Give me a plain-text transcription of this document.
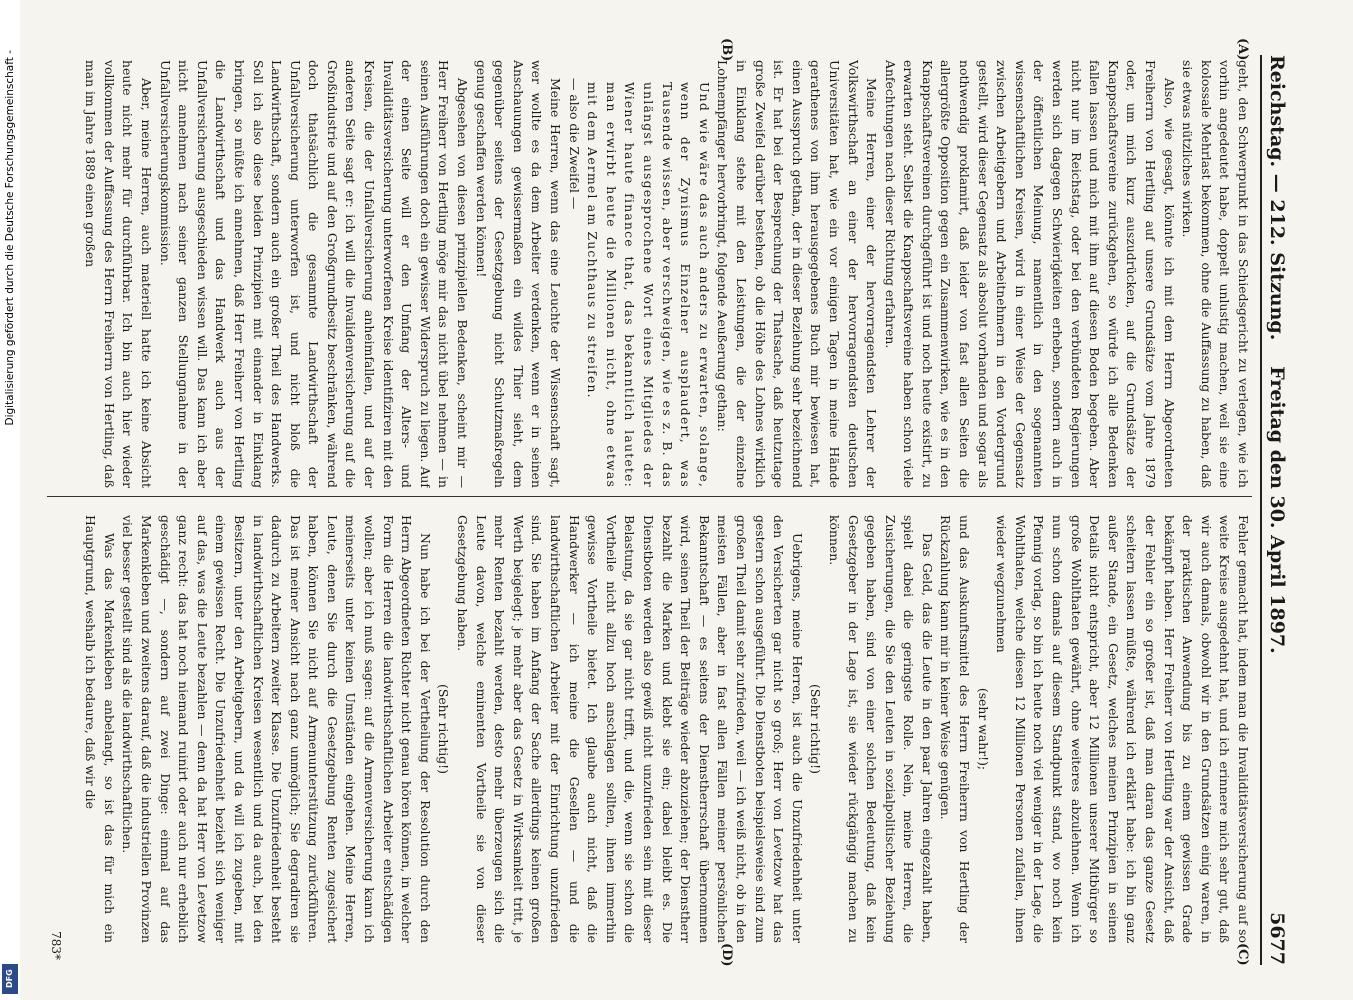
Reichstag. — 212. Sitzung.
Freitag den 30. April 1897.
5677
(A)
(B)
(C)
(D)

geht, den Schwerpunkt in das Schiedsgericht zu verlegen, wie ich vorhin angedeutet habe, doppelt unlustig machen, weil sie eine kolossale Mehrlast bekommen, ohne die Auffassung zu haben, daß sie etwas nützliches wirken.

Also, wie gesagt, könnte ich mit dem Herrn Abgeordneten Freiherrn von Hertling auf unsere Grundsätze vom Jahre 1879 oder, um mich kurz auszudrücken, auf die Grundsätze der Knappschaftsvereine zurückgehen, so würde ich alle Bedenken fallen lassen und mich mit ihm auf diesen Boden begeben. Aber nicht nur im Reichstag, oder bei den verbündeten Regierungen werden sich dagegen Schwierigkeiten erheben, sondern auch in der öffentlichen Meinung, namentlich in den sogenannten wissenschaftlichen Kreisen, wird in einer Weise der Gegensatz zwischen Arbeitgebern und Arbeitnehmern in den Vordergrund gestellt, wird dieser Gegensatz als absolut vorhanden und sogar als nothwendig proklamirt, daß leider von fast allen Seiten die allergrößte Opposition gegen ein Zusammenwirken, wie es in den Knappschaftsvereinen durchgeführt ist und noch heute existirt, zu erwarten steht. Selbst die Knappschaftsvereine haben schon viele Anfechtungen nach dieser Richtung erfahren.

Meine Herren, einer der hervorragendsten Lehrer der Volkswirthschaft an einer der hervorragendsten deutschen Universitäten hat, wie ein vor einigen Tagen in meine Hände gerathenes von ihm herausgegebenes Buch mir bewiesen hat, einen Ausspruch gethan, der in dieser Beziehung sehr bezeichnend ist. Er hat bei der Besprechung der Thatsache, daß heutzutage große Zweifel darüber bestehen, ob die Höhe des Lohnes wirklich in Einklang stehe mit den Leistungen, die der einzelne Lohnempfänger hervorbringt, folgende Aeußerung gethan:

Und wie wäre das auch anders zu erwarten, solange, wenn der Zynismus Einzelner ausplaudert, was Tausende wissen, aber verschweigen, wie es z. B. das unlängst ausgesprochene Wort eines Mitgliedes der Wiener haute finance that, das bekanntlich lautete: man erwirbt heute die Millionen nicht, ohne etwas mit dem Aermel am Zuchthaus zu streifen.

— also die Zweifel —

Meine Herren, wenn das eine Leuchte der Wissenschaft sagt, wer wollte es da dem Arbeiter verdenken, wenn er in seinen Anschauungen gewissermaßen ein wildes Thier sieht, dem gegenüber seitens der Gesetzgebung nicht Schutzmaßregeln genug geschaffen werden können!

Abgesehen von diesen prinzipiellen Bedenken, scheint mir — Herr Freiherr von Hertling möge mir das nicht übel nehmen — in seinen Ausführungen doch ein gewisser Widerspruch zu liegen. Auf der einen Seite will er den Umfang der Alters- und Invaliditätsversicherung unterworfenen Kreise identifiziren mit den Kreisen, die der Unfallversicherung anheimfallen, und auf der anderen Seite sagt er: ich will die Invalidenversicherung auf die Großindustrie und auf den Großgrundbesitz beschränken, während doch thatsächlich die gesammte Landwirthschaft der Unfallversicherung unterworfen ist, und nicht bloß die Landwirthschaft, sondern auch ein großer Theil des Handwerks. Soll ich also diese beiden Prinzipien mit einander in Einklang bringen, so müßte ich annehmen, daß Herr Freiherr von Hertling die Landwirthschaft und das Handwerk auch aus der Unfallversicherung ausgeschieden wissen will. Das kann ich aber nicht annehmen nach seiner ganzen Stellungnahme in der Unfallversicherungskommission.

Aber, meine Herren, auch materiell hatte ich keine Absicht heute nicht mehr für durchführbar. Ich bin auch hier wieder vollkommen der Auffassung des Herrn Freiherrn von Hertling, daß man im Jahre 1889 einen großen

Fehler gemacht hat, indem man die Invaliditätsversicherung auf so weite Kreise ausgedehnt hat, und ich erinnere mich sehr gut, daß wir auch damals, obwohl wir in den Grundsätzen einig waren, in der praktischen Anwendung bis zu einem gewissen Grade bekämpft haben. Herr Freiherr von Hertling war der Ansicht, daß der Fehler ein so großer ist, daß man daran das ganze Gesetz scheitern lassen müßte, während ich erklärt habe: ich bin ganz außer Stande, ein Gesetz, welches meinen Prinzipien in seinen Details nicht entspricht, aber 12 Millionen unserer Mitbürger so große Wohlthaten gewährt, ohne weiteres abzulehnen. Wenn ich nun schon damals auf diesem Standpunkt stand, wo noch kein Pfennig vorlag, so bin ich heute noch viel weniger in der Lage, die Wohlthaten, welche diesen 12 Millionen Personen zufallen, ihnen wieder wegzunehmen

(sehr wahr!);

und das Auskunftsmittel des Herrn Freiherrn von Hertling der Rückzahlung kann mir in keiner Weise genügen.

Das Geld, das die Leute in den paar Jahren eingezahlt haben, spielt dabei die geringste Rolle. Nein, meine Herren, die Zusicherungen, die Sie den Leuten in sozialpolitischer Beziehung gegeben haben, sind von einer solchen Bedeutung, daß kein Gesetzgeber in der Lage ist, sie wieder rückgängig machen zu können.

(Sehr richtig!)

Uebrigens, meine Herren, ist auch die Unzufriedenheit unter den Versicherten gar nicht so groß; Herr von Levetzow hat das gestern schon ausgeführt. Die Dienstboten beispielsweise sind zum großen Theil damit sehr zufrieden, weil — ich weiß nicht, ob in den meisten Fällen, aber in fast allen Fällen meiner persönlichen Bekanntschaft — es seitens der Dienstherrschaft übernommen wird, seinen Theil der Beiträge wieder abzuziehen; der Dienstherr bezahlt die Marken und klebt sie ein; dabei bleibt es. Die Dienstboten werden also gewiß nicht unzufrieden sein mit dieser Belastung, da sie gar nicht trifft, und die, wenn sie schon die Vortheile nicht allzu hoch anschlagen sollten, ihnen immerhin gewisse Vortheile bietet. Ich glaube auch nicht, daß die Handwerker — ich meine die Gesellen — und die landwirthschaftlichen Arbeiter mit der Einrichtung unzufrieden sind. Sie haben im Anfang der Sache allerdings keinen großen Werth beigelegt; je mehr aber das Gesetz in Wirksamkeit tritt, je mehr Renten bezahlt werden, desto mehr überzeugen sich die Leute davon, welche eminenten Vortheile sie von dieser Gesetzgebung haben.

(Sehr richtig!)

Nun habe ich bei der Vertheilung der Resolution durch den Herrn Abgeordneten Richter nicht genau hören können, in welcher Form die Herren die landwirthschaftlichen Arbeiter entschädigen wollen; aber ich muß sagen: auf die Armenversicherung kann ich meinerseits unter keinen Umständen eingehen. Meine Herren, Leute, denen Sie durch die Gesetzgebung Renten zugesichert haben, können Sie nicht auf Armenunterstützung zurückführen. Das ist meiner Ansicht nach ganz unmöglich; Sie degradiren sie dadurch zu Arbeitern zweiter Klasse. Die Unzufriedenheit besteht in landwirthschaftlichen Kreisen wesentlich und da auch, bei den Besitzern, unter den Arbeitgebern, und da will ich zugeben, mit einem gewissen Recht. Die Unzufriedenheit bezieht sich weniger auf das, was die Leute bezahlen — denn da hat Herr von Levetzow ganz recht: das hat noch niemand ruinirt oder auch nur erheblich geschädigt —, sondern auf zwei Dinge: einmal auf das Markenkleben und zweitens darauf, daß die industriellen Provinzen viel besser gestellt sind als die landwirthschaftlichen.

Was das Markenkleben anbelangt, so ist das für mich ein Hauptgrund, weshalb ich bedaure, daß wir die

783*
Digitalisierung gefördert durch die Deutsche Forschungsgemeinschaft -
DFG
